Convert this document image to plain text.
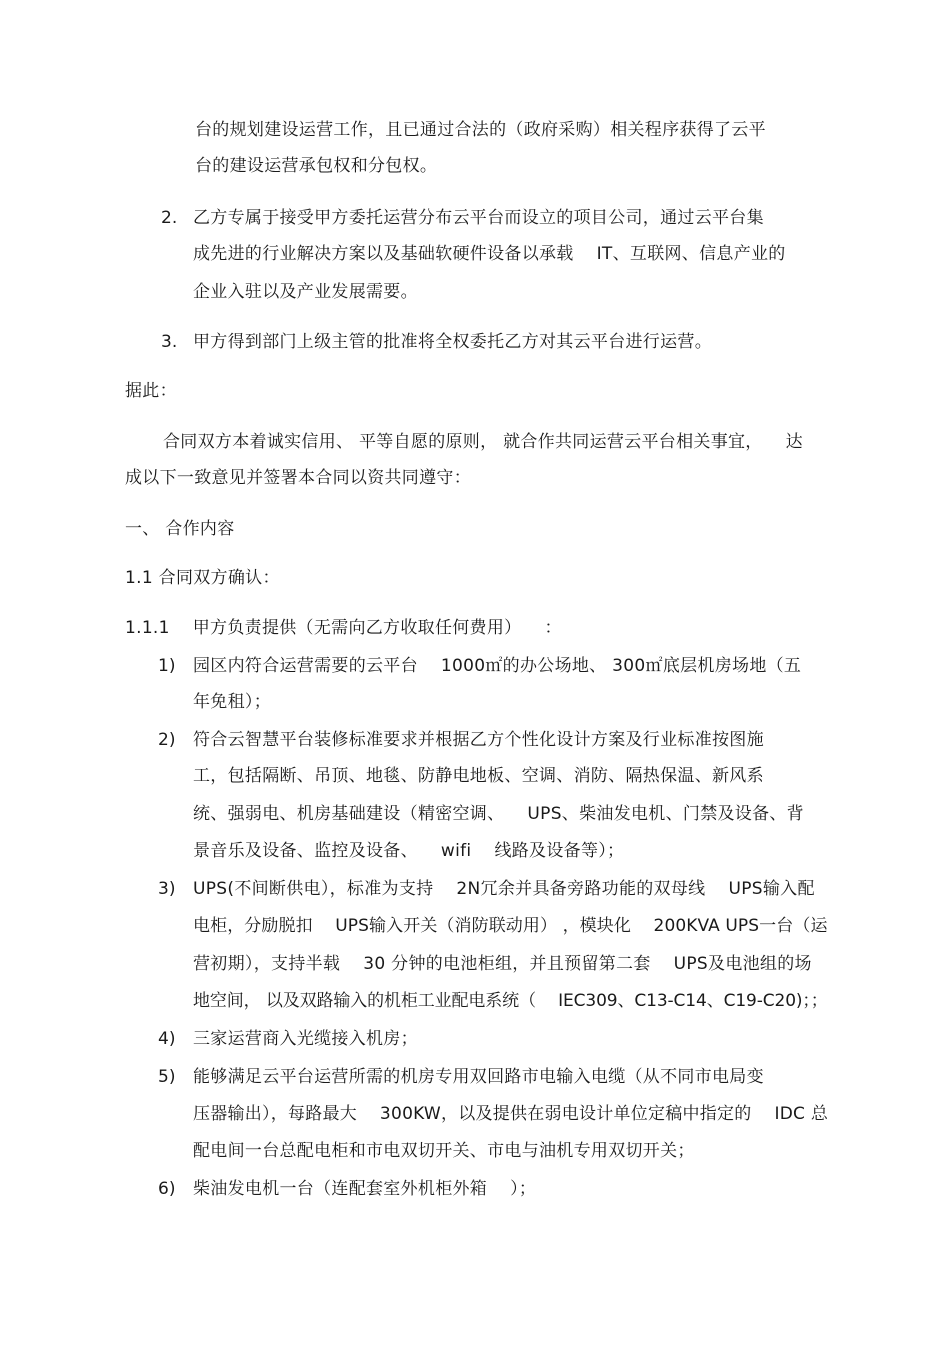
台的规划建设运营工作，且已通过合法的（政府采购）相关程序获得了云平
台的建设运营承包权和分包权。
2. 乙方专属于接受甲方委托运营分布云平台而设立的项目公司，通过云平台集
成先进的行业解决方案以及基础软硬件设备以承载 　IT、互联网、信息产业的
企业入驻以及产业发展需要。
3. 甲方得到部门上级主管的批准将全权委托乙方对其云平台进行运营。
据此：
合同双方本着诚实信用、 平等自愿的原则， 就合作共同运营云平台相关事宜， 　达
成以下一致意见并签署本合同以资共同遵守：
一、 合作内容
1.1 合同双方确认：
1.1.1 　甲方负责提供（无需向乙方收取任何费用） 　：
1) 园区内符合运营需要的云平台 　1000㎡的办公场地、 300㎡底层机房场地（五
年免租）；
2) 符合云智慧平台装修标准要求并根据乙方个性化设计方案及行业标准按图施
工，包括隔断、吊顶、地毯、防静电地板、空调、消防、隔热保温、新风系
统、强弱电、机房基础建设（精密空调、 　UPS、柴油发电机、门禁及设备、背
景音乐及设备、监控及设备、 　wifi 　线路及设备等）；
3) UPS(不间断供电），标准为支持 　2N冗余并具备旁路功能的双母线 　UPS输入配
电柜，分励脱扣 　UPS输入开关（消防联动用） ，模块化 　200KVA UPS一台（运
营初期），支持半载 　30 分钟的电池柜组，并且预留第二套 　UPS及电池组的场
地空间， 以及双路输入的机柜工业配电系统（ 　IEC309、C13-C14、C19-C20)；；
4) 三家运营商入光缆接入机房；
5) 能够满足云平台运营所需的机房专用双回路市电输入电缆（从不同市电局变
压器输出），每路最大 　300KW，以及提供在弱电设计单位定稿中指定的 　IDC 总
配电间一台总配电柜和市电双切开关、市电与油机专用双切开关；
6) 柴油发电机一台（连配套室外机柜外箱 　）；
